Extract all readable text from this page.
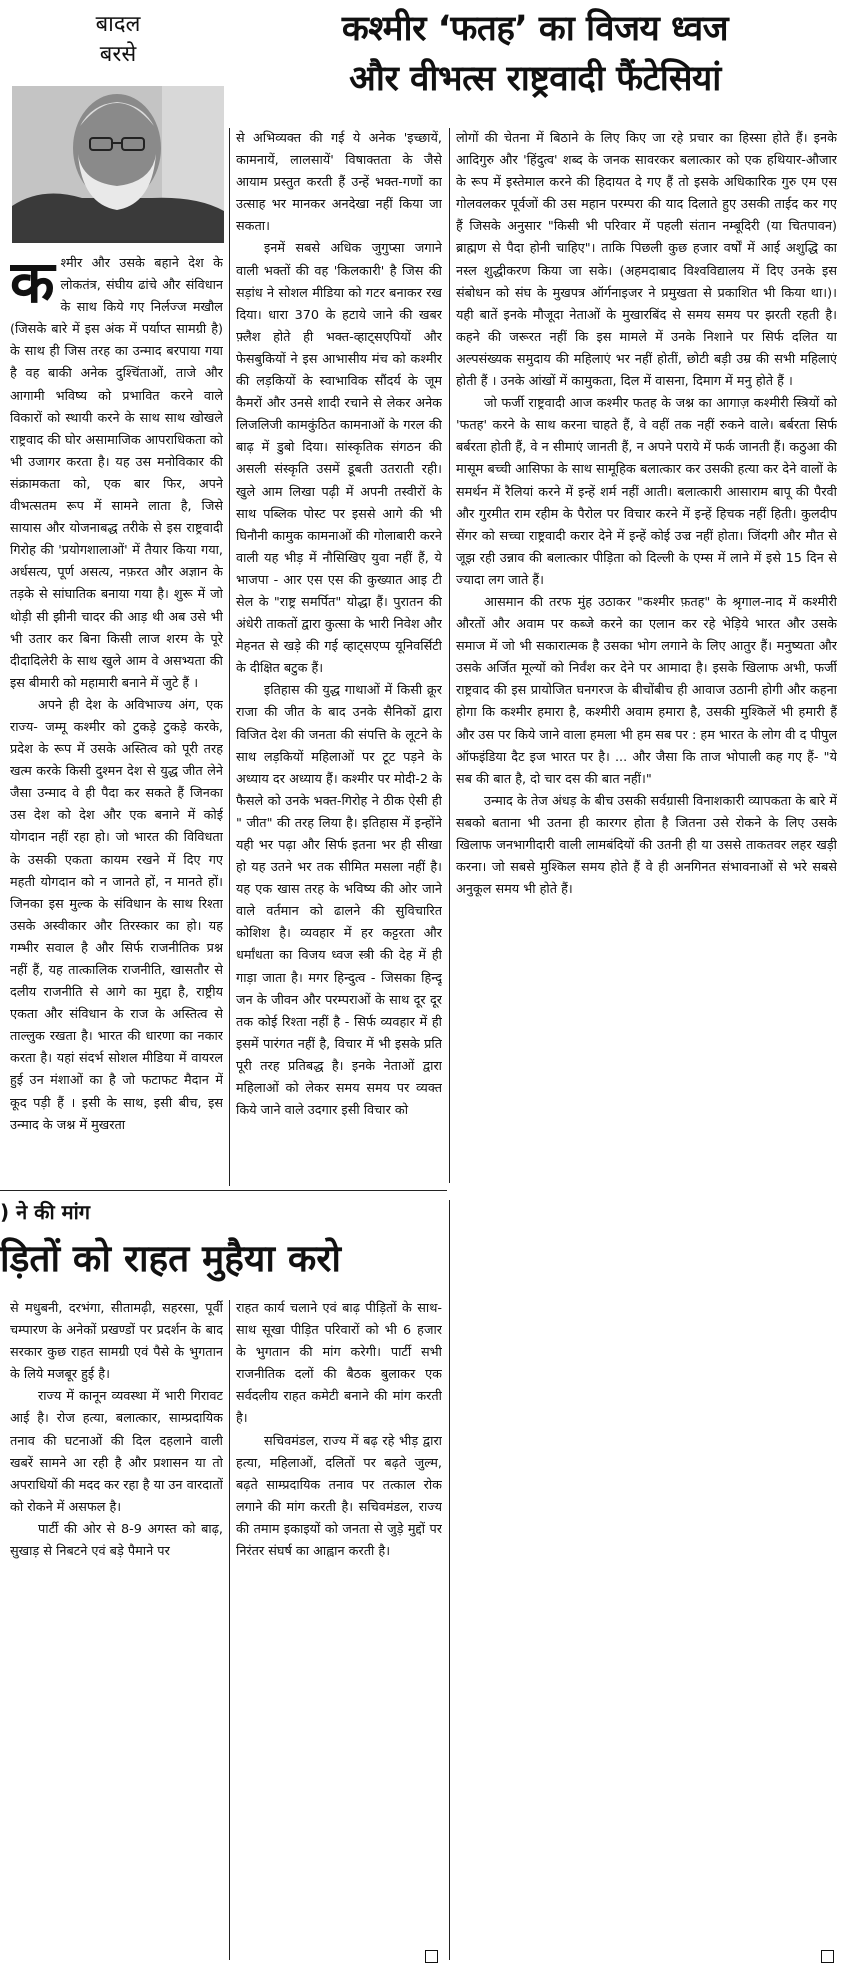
बादल
बरसे
कश्मीर ‘फतह’ का विजय ध्वज
और वीभत्स राष्ट्रवादी फैंटेसियां

कश्मीर और उसके बहाने देश के लोकतंत्र, संघीय ढांचे और संविधान के साथ किये गए निर्लज्ज मखौल (जिसके बारे में इस अंक में पर्याप्त सामग्री है) के साथ ही जिस तरह का उन्माद बरपाया गया है वह बाकी अनेक दुश्चिंताओं, ताजे और आगामी भविष्य को प्रभावित करने वाले विकारों को स्थायी करने के साथ साथ खोखले राष्ट्रवाद की घोर असामाजिक आपराधिकता को भी उजागर करता है। यह उस मनोविकार की संक्रामकता को, एक बार फिर, अपने वीभत्सतम रूप में सामने लाता है, जिसे सायास और योजनाबद्ध तरीके से इस राष्ट्रवादी गिरोह की 'प्रयोगशालाओं' में तैयार किया गया, अर्धसत्य, पूर्ण असत्य, नफ़रत और अज्ञान के तड़के से सांघातिक बनाया गया है। शुरू में जो थोड़ी सी झीनी चादर की आड़ थी अब उसे भी भी उतार कर बिना किसी लाज शरम के पूरे दीदादिलेरी के साथ खुले आम वे असभ्यता की इस बीमारी को महामारी बनाने में जुटे हैं ।

अपने ही देश के अविभाज्य अंग, एक राज्य- जम्मू कश्मीर को टुकड़े टुकड़े करके, प्रदेश के रूप में उसके अस्तित्व को पूरी तरह खत्म करके किसी दुश्मन देश से युद्ध जीत लेने जैसा उन्माद वे ही पैदा कर सकते हैं जिनका उस देश को देश और एक बनाने में कोई योगदान नहीं रहा हो। जो भारत की विविधता के उसकी एकता कायम रखने में दिए गए महती योगदान को न जानते हों, न मानते हों। जिनका इस मुल्क के संविधान के साथ रिश्ता उसके अस्वीकार और तिरस्कार का हो। यह गम्भीर सवाल है और सिर्फ राजनीतिक प्रश्न नहीं हैं, यह तात्कालिक राजनीति, खासतौर से दलीय राजनीति से आगे का मुद्दा है, राष्ट्रीय एकता और संविधान के राज के अस्तित्व से ताल्लुक रखता है। भारत की धारणा का नकार करता है। यहां संदर्भ सोशल मीडिया में वायरल हुई उन मंशाओं का है जो फटाफट मैदान में कूद पड़ी हैं । इसी के साथ, इसी बीच, इस उन्माद के जश्न में मुखरता

से अभिव्यक्त की गई ये अनेक 'इच्छायें, कामनायें, लालसायें' विषाक्तता के जैसे आयाम प्रस्तुत करती हैं उन्हें भक्त-गणों का उत्साह भर मानकर अनदेखा नहीं किया जा सकता।

इनमें सबसे अधिक जुगुप्सा जगाने वाली भक्तों की वह 'किलकारी' है जिस की सड़ांध ने सोशल मीडिया को गटर बनाकर रख दिया। धारा 370 के हटाये जाने की खबर फ़्लैश होते ही भक्त-व्हाट्सएपियों और फेसबुकियों ने इस आभासीय मंच को कश्मीर की लड़कियों के स्वाभाविक सौंदर्य के जूम कैमरों और उनसे शादी रचाने से लेकर अनेक लिजलिजी कामकुंठित कामनाओं के गरल की बाढ़ में डुबो दिया। सांस्कृतिक संगठन की असली संस्कृति उसमें डूबती उतराती रही। खुले आम लिखा पढ़ी में अपनी तस्वीरों के साथ पब्लिक पोस्ट पर इससे आगे की भी घिनौनी कामुक कामनाओं की गोलाबारी करने वाली यह भीड़ में नौसिखिए युवा नहीं हैं, ये भाजपा - आर एस एस की कुख्यात आइ टी सेल के "राष्ट्र समर्पित" योद्धा हैं। पुरातन की अंधेरी ताकतों द्वारा कुत्सा के भारी निवेश और मेहनत से खड़े की गई व्हाट्सएप्प यूनिवर्सिटी के दीक्षित बटुक हैं।

इतिहास की युद्ध गाथाओं में किसी क्रूर राजा की जीत के बाद उनके सैनिकों द्वारा विजित देश की जनता की संपत्ति के लूटने के साथ लड़कियों महिलाओं पर टूट पड़ने के अध्याय दर अध्याय हैं। कश्मीर पर मोदी-2 के फैसले को उनके भक्त-गिरोह ने ठीक ऐसी ही " जीत" की तरह लिया है। इतिहास में इन्होंने यही भर पढ़ा और सिर्फ इतना भर ही सीखा हो यह उतने भर तक सीमित मसला नहीं है। यह एक खास तरह के भविष्य की ओर जाने वाले वर्तमान को ढालने की सुविचारित कोशिश है। व्यवहार में हर कट्टरता और धर्मांधता का विजय ध्वज स्त्री की देह में ही गाड़ा जाता है। मगर हिन्दुत्व - जिसका हिन्दू जन के जीवन और परम्पराओं के साथ दूर दूर तक कोई रिश्ता नहीं है - सिर्फ व्यवहार में ही इसमें पारंगत नहीं है, विचार में भी इसके प्रति पूरी तरह प्रतिबद्ध है। इनके नेताओं द्वारा महिलाओं को लेकर समय समय पर व्यक्त किये जाने वाले उदगार इसी विचार को

लोगों की चेतना में बिठाने के लिए किए जा रहे प्रचार का हिस्सा होते हैं। इनके आदिगुरु और 'हिंदुत्व' शब्द के जनक सावरकर बलात्कार को एक हथियार-औजार के रूप में इस्तेमाल करने की हिदायत दे गए हैं तो इसके अधिकारिक गुरु एम एस गोलवलकर पूर्वजों की उस महान परम्परा की याद दिलाते हुए उसकी ताईद कर गए हैं जिसके अनुसार "किसी भी परिवार में पहली संतान नम्बूदिरी (या चितपावन) ब्राह्मण से पैदा होनी चाहिए"। ताकि पिछली कुछ हजार वर्षों में आई अशुद्धि का नस्ल शुद्धीकरण किया जा सके। (अहमदाबाद विश्वविद्यालय में दिए उनके इस संबोधन को संघ के मुखपत्र ऑर्गनाइजर ने प्रमुखता से प्रकाशित भी किया था।)। यही बातें इनके मौजूदा नेताओं के मुखारबिंद से समय समय पर झरती रहती है। कहने की जरूरत नहीं कि इस मामले में उनके निशाने पर सिर्फ दलित या अल्पसंख्यक समुदाय की महिलाएं भर नहीं होतीं, छोटी बड़ी उम्र की सभी महिलाएं होती हैं । उनके आंखों में कामुकता, दिल में वासना, दिमाग में मनु होते हैं ।

जो फर्जी राष्ट्रवादी आज कश्मीर फतह के जश्न का आगाज़ कश्मीरी स्त्रियों को 'फतह' करने के साथ करना चाहते हैं, वे वहीं तक नहीं रुकने वाले। बर्बरता सिर्फ बर्बरता होती हैं, वे न सीमाएं जानती हैं, न अपने पराये में फर्क जानती हैं। कठुआ की मासूम बच्ची आसिफा के साथ सामूहिक बलात्कार कर उसकी हत्या कर देने वालों के समर्थन में रैलियां करने में इन्हें शर्म नहीं आती। बलात्कारी आसाराम बापू की पैरवी और गुरमीत राम रहीम के पैरोल पर विचार करने में इन्हें हिचक नहीं हिती। कुलदीप सेंगर को सच्चा राष्ट्रवादी करार देने में इन्हें कोई उज्र नहीं होता। जिंदगी और मौत से जूझ रही उन्नाव की बलात्कार पीड़िता को दिल्ली के एम्स में लाने में इसे 15 दिन से ज्यादा लग जाते हैं।

आसमान की तरफ मुंह उठाकर "कश्मीर फ़तह" के श्रृगाल-नाद में कश्मीरी औरतों और अवाम पर कब्जे करने का एलान कर रहे भेड़िये भारत और उसके समाज में जो भी सकारात्मक है उसका भोग लगाने के लिए आतुर हैं। मनुष्यता और उसके अर्जित मूल्यों को निर्वंश कर देने पर आमादा है। इसके खिलाफ अभी, फर्जी राष्ट्रवाद की इस प्रायोजित घनगरज के बीचोंबीच ही आवाज उठानी होगी और कहना होगा कि कश्मीर हमारा है, कश्मीरी अवाम हमारा है, उसकी मुश्किलें भी हमारी हैं और उस पर किये जाने वाला हमला भी हम सब पर : हम भारत के लोग वी द पीपुल ऑफइंडिया दैट इज भारत पर है। ... और जैसा कि ताज भोपाली कह गए हैं- "ये सब की बात है, दो चार दस की बात नहीं।"

उन्माद के तेज अंधड़ के बीच उसकी सर्वग्रासी विनाशकारी व्यापकता के बारे में सबको बताना भी उतना ही कारगर होता है जितना उसे रोकने के लिए उसके खिलाफ जनभागीदारी वाली लामबंदियों की उतनी ही या उससे ताकतवर लहर खड़ी करना। जो सबसे मुश्किल समय होते हैं वे ही अनगिनत संभावनाओं से भरे सबसे अनुकूल समय भी होते हैं।

) ने की मांग
ड़ितों को राहत मुहैया करो

से मधुबनी, दरभंगा, सीतामढ़ी, सहरसा, पूर्वी चम्पारण के अनेकों प्रखण्डों पर प्रदर्शन के बाद सरकार कुछ राहत सामग्री एवं पैसे के भुगतान के लिये मजबूर हुई है।

राज्य में कानून व्यवस्था में भारी गिरावट आई है। रोज हत्या, बलात्कार, साम्प्रदायिक तनाव की घटनाओं की दिल दहलाने वाली खबरें सामने आ रही है और प्रशासन या तो अपराधियों की मदद कर रहा है या उन वारदातों को रोकने में असफल है।

पार्टी की ओर से 8-9 अगस्त को बाढ़, सुखाड़ से निबटने एवं बड़े पैमाने पर

राहत कार्य चलाने एवं बाढ़ पीड़ितों के साथ-साथ सूखा पीड़ित परिवारों को भी 6 हजार के भुगतान की मांग करेगी। पार्टी सभी राजनीतिक दलों की बैठक बुलाकर एक सर्वदलीय राहत कमेटी बनाने की मांग करती है।

सचिवमंडल, राज्य में बढ़ रहे भीड़ द्वारा हत्या, महिलाओं, दलितों पर बढ़ते जुल्म, बढ़ते साम्प्रदायिक तनाव पर तत्काल रोक लगाने की मांग करती है। सचिवमंडल, राज्य की तमाम इकाइयों को जनता से जुड़े मुद्दों पर निरंतर संघर्ष का आह्वान करती है।
